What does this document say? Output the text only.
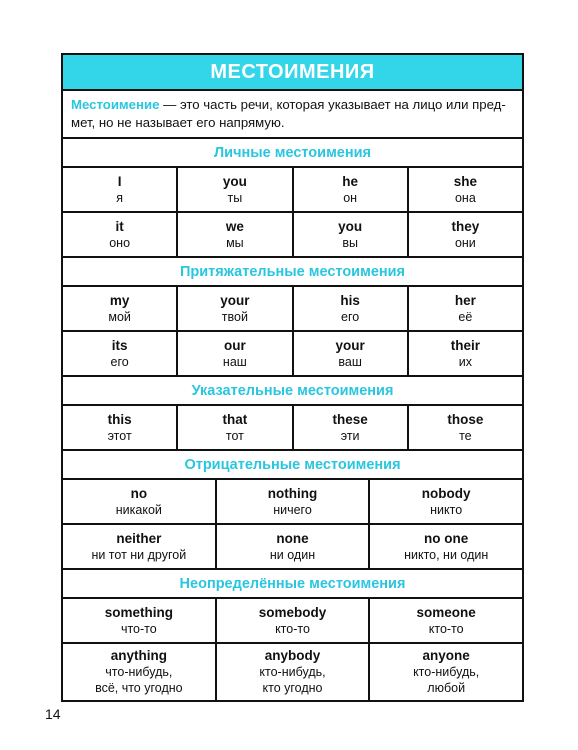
МЕСТОИМЕНИЯ
Местоимение — это часть речи, которая указывает на лицо или пред- мет, но не называет его напрямую.
Личные местоимения
I
я
you
ты
he
он
she
она
it
оно
we
мы
you
вы
they
они
Притяжательные местоимения
my
мой
your
твой
his
его
her
её
its
его
our
наш
your
ваш
their
их
Указательные местоимения
this
этот
that
тот
these
эти
those
те
Отрицательные местоимения
no
никакой
nothing
ничего
nobody
никто
neither
ни тот ни другой
none
ни один
no one
никто, ни один
Неопределённые местоимения
something
что-то
somebody
кто-то
someone
кто-то
anything
что-нибудь,
всё, что угодно
anybody
кто-нибудь,
кто угодно
anyone
кто-нибудь,
любой
14
